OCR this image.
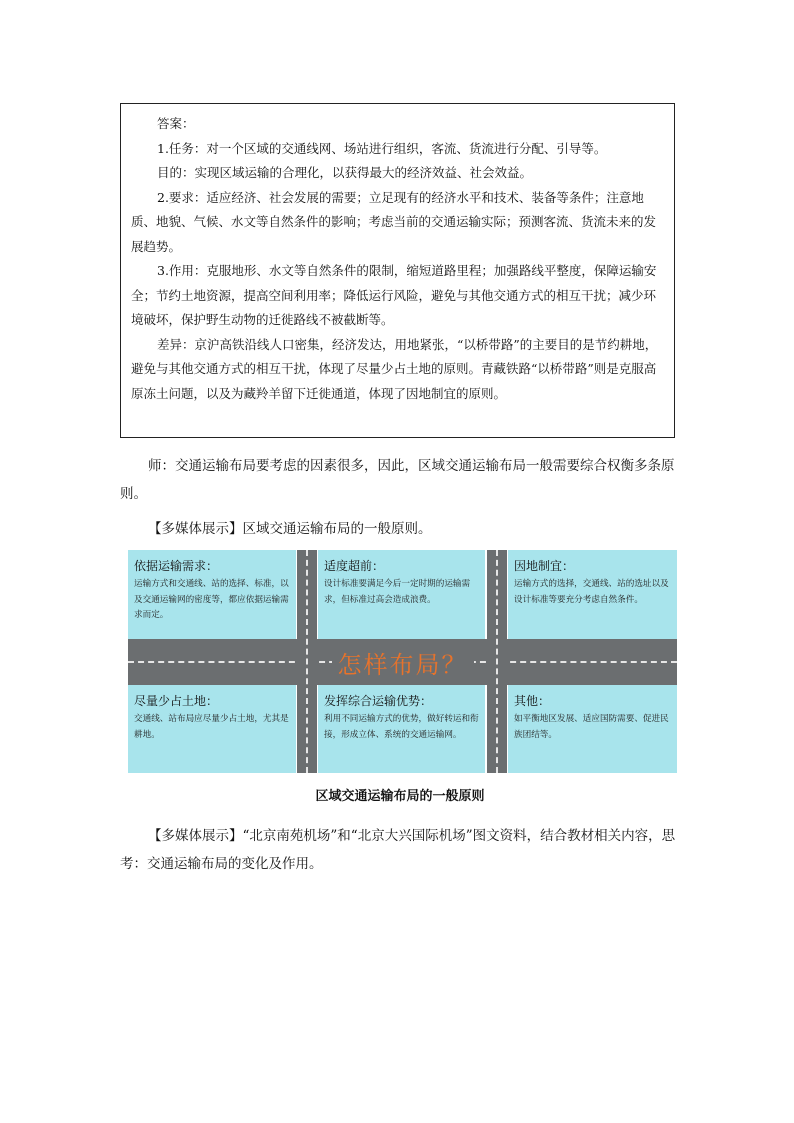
答案：

1.任务：对一个区域的交通线网、场站进行组织，客流、货流进行分配、引导等。

目的：实现区域运输的合理化，以获得最大的经济效益、社会效益。

2.要求：适应经济、社会发展的需要；立足现有的经济水平和技术、装备等条件；注意地质、地貌、气候、水文等自然条件的影响；考虑当前的交通运输实际；预测客流、货流未来的发展趋势。

3.作用：克服地形、水文等自然条件的限制，缩短道路里程；加强路线平整度，保障运输安全；节约土地资源，提高空间利用率；降低运行风险，避免与其他交通方式的相互干扰；减少环境破坏，保护野生动物的迁徙路线不被截断等。

差异：京沪高铁沿线人口密集，经济发达，用地紧张，“以桥带路”的主要目的是节约耕地，避免与其他交通方式的相互干扰，体现了尽量少占土地的原则。青藏铁路“以桥带路”则是克服高原冻土问题，以及为藏羚羊留下迁徙通道，体现了因地制宜的原则。

师：交通运输布局要考虑的因素很多，因此，区域交通运输布局一般需要综合权衡多条原则。

【多媒体展示】区域交通运输布局的一般原则。

依据运输需求：

运输方式和交通线、站的选择、标准，以及交通运输网的密度等，都应依据运输需求而定。

适度超前：

设计标准要满足今后一定时期的运输需求，但标准过高会造成浪费。

因地制宜：

运输方式的选择，交通线、站的选址以及设计标准等要充分考虑自然条件。

尽量少占土地：

交通线、站布局应尽量少占土地，尤其是耕地。

发挥综合运输优势：

利用不同运输方式的优势，做好转运和衔接，形成立体、系统的交通运输网。

其他：

如平衡地区发展、适应国防需要、促进民族团结等。

怎样布局？
区域交通运输布局的一般原则

【多媒体展示】“北京南苑机场”和“北京大兴国际机场”图文资料，结合教材相关内容，思考：交通运输布局的变化及作用。
